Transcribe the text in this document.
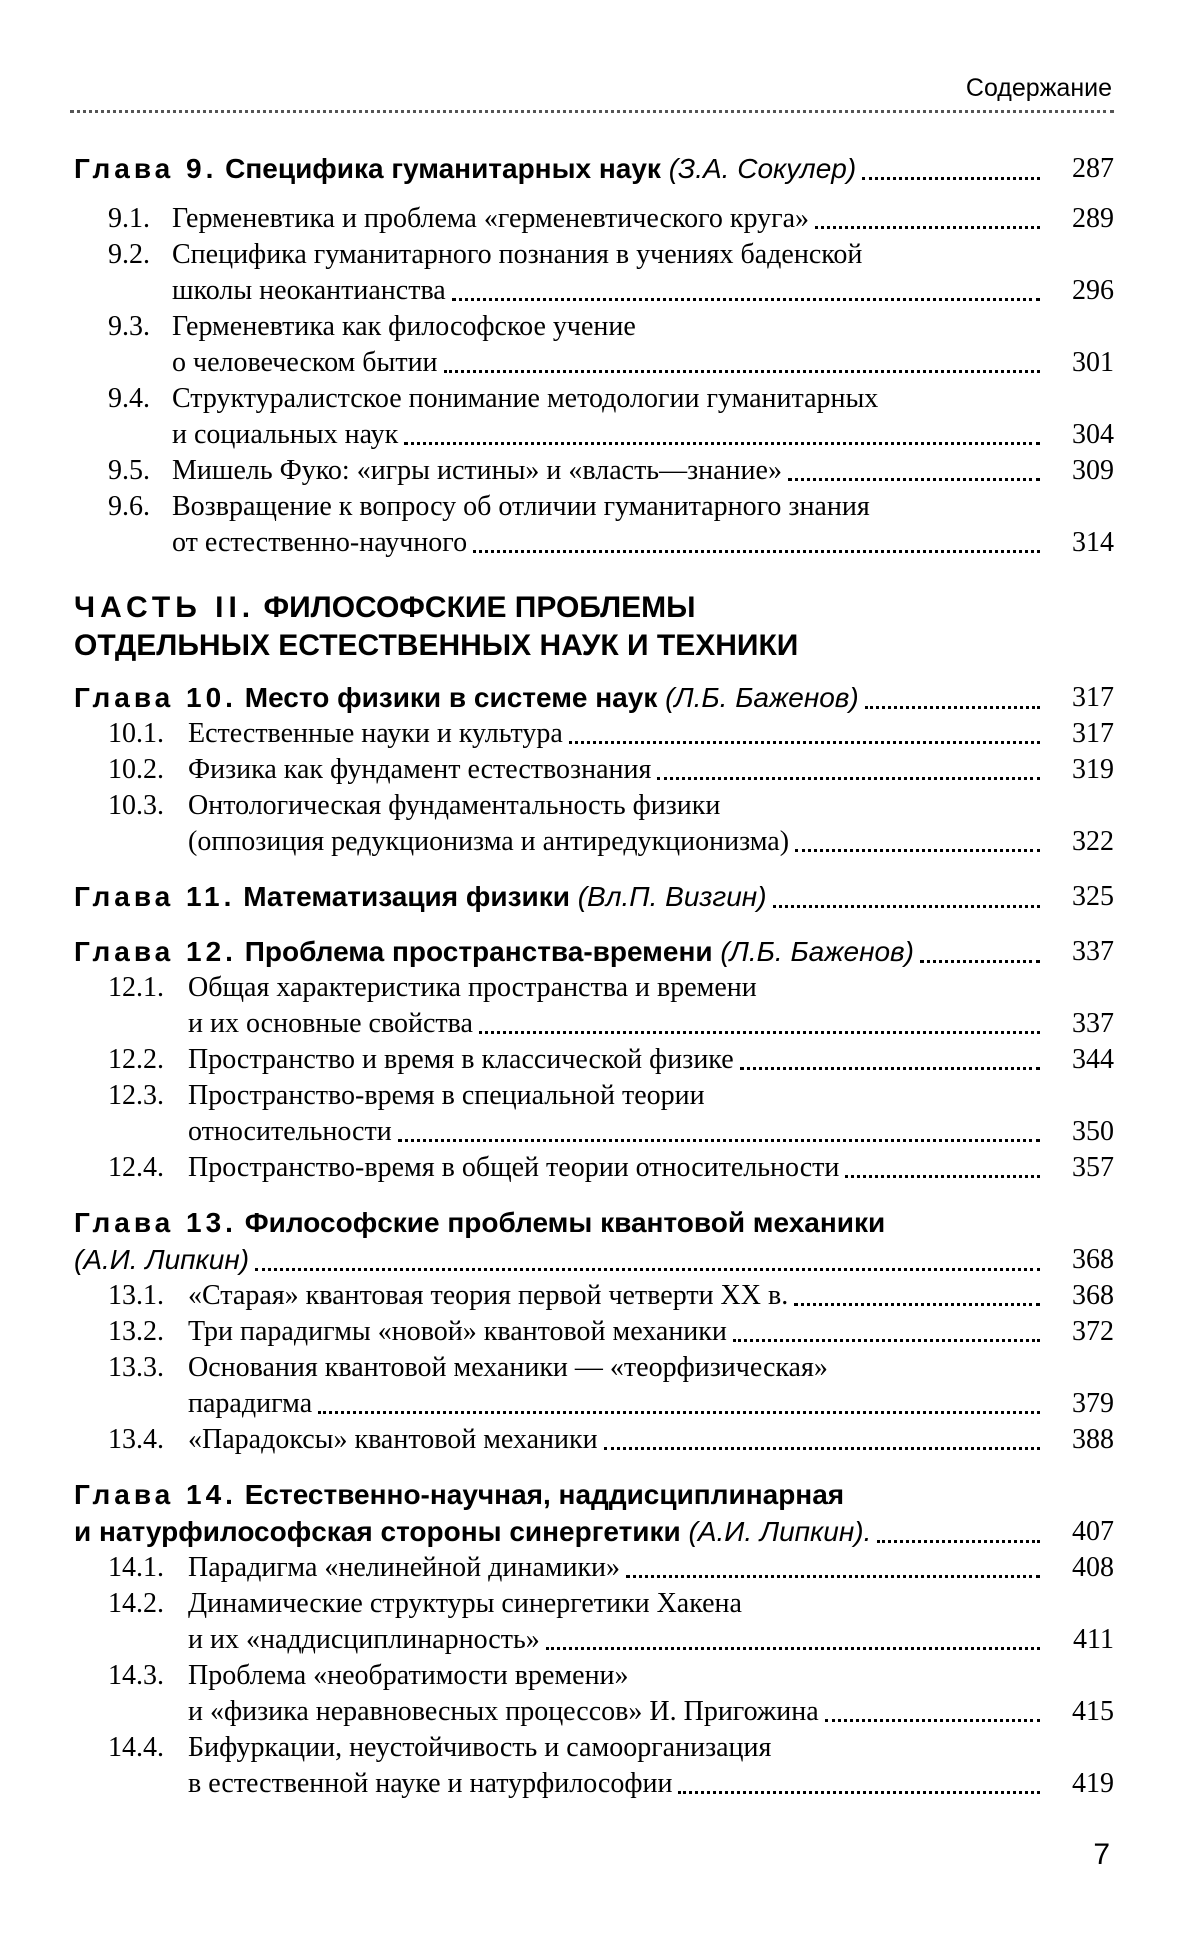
Содержание
Глава 9. Специфика гуманитарных наук (З.А. Сокулер)	287
9.1. Герменевтика и проблема «герменевтического круга»	289
9.2. Специфика гуманитарного познания в учениях баденской
школы неокантианства	296
9.3. Герменевтика как философское учение
о человеческом бытии	301
9.4. Структуралистское понимание методологии гуманитарных
и социальных наук	304
9.5. Мишель Фуко: «игры истины» и «власть—знание»	309
9.6. Возвращение к вопросу об отличии гуманитарного знания
от естественно-научного	314
ЧАСТЬ II. ФИЛОСОФСКИЕ ПРОБЛЕМЫ
ОТДЕЛЬНЫХ ЕСТЕСТВЕННЫХ НАУК И ТЕХНИКИ
Глава 10. Место физики в системе наук (Л.Б. Баженов)	317
10.1. Естественные науки и культура	317
10.2. Физика как фундамент естествознания	319
10.3. Онтологическая фундаментальность физики
(оппозиция редукционизма и антиредукционизма)	322
Глава 11. Математизация физики (Вл.П. Визгин)	325
Глава 12. Проблема пространства-времени (Л.Б. Баженов)	337
12.1. Общая характеристика пространства и времени
и их основные свойства	337
12.2. Пространство и время в классической физике	344
12.3. Пространство-время в специальной теории
относительности	350
12.4. Пространство-время в общей теории относительности	357
Глава 13. Философские проблемы квантовой механики
(А.И. Липкин)	368
13.1. «Старая» квантовая теория первой четверти XX в.	368
13.2. Три парадигмы «новой» квантовой механики	372
13.3. Основания квантовой механики — «теорфизическая»
парадигма	379
13.4. «Парадоксы» квантовой механики	388
Глава 14. Естественно-научная, наддисциплинарная
и натурфилософская стороны синергетики (А.И. Липкин).	407
14.1. Парадигма «нелинейной динамики»	408
14.2. Динамические структуры синергетики Хакена
и их «наддисциплинарность»	411
14.3. Проблема «необратимости времени»
и «физика неравновесных процессов» И. Пригожина	415
14.4. Бифуркации, неустойчивость и самоорганизация
в естественной науке и натурфилософии	419
7
